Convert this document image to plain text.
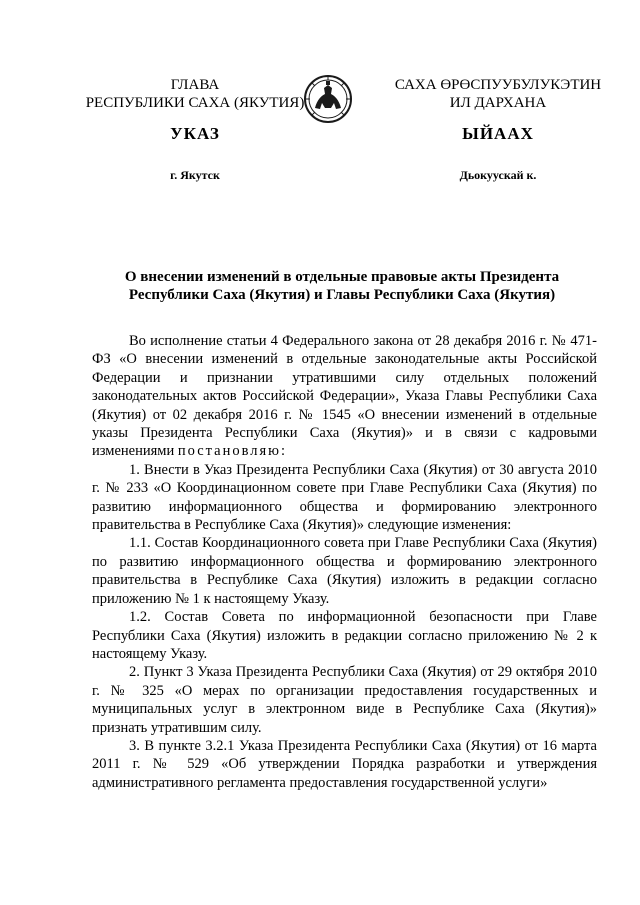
ГЛАВА
РЕСПУБЛИКИ САХА (ЯКУТИЯ)
САХА ӨРӨСПУУБУЛУКЭТИН
ИЛ ДАРХАНА
УКАЗ	ЫЙААХ
г. Якутск	Дьокуускай к.
О внесении изменений в отдельные правовые акты Президента
Республики Саха (Якутия) и Главы Республики Саха (Якутия)

Во исполнение статьи 4 Федерального закона от 28 декабря 2016 г. № 471-ФЗ «О внесении изменений в отдельные законодательные акты Российской Федерации и признании утратившими силу отдельных положений законодательных актов Российской Федерации», Указа Главы Республики Саха (Якутия) от 02 декабря 2016 г. № 1545 «О внесении изменений в отдельные указы Президента Республики Саха (Якутия)» и в связи с кадровыми изменениями постановляю:

1. Внести в Указ Президента Республики Саха (Якутия) от 30 августа 2010 г. № 233 «О Координационном совете при Главе Республики Саха (Якутия) по развитию информационного общества и формированию электронного правительства в Республике Саха (Якутия)» следующие изменения:

1.1. Состав Координационного совета при Главе Республики Саха (Якутия) по развитию информационного общества и формированию электронного правительства в Республике Саха (Якутия) изложить в редакции согласно приложению № 1 к настоящему Указу.

1.2. Состав Совета по информационной безопасности при Главе Республики Саха (Якутия) изложить в редакции согласно приложению № 2 к настоящему Указу.

2. Пункт 3 Указа Президента Республики Саха (Якутия) от 29 октября 2010 г. № 325 «О мерах по организации предоставления государственных и муниципальных услуг в электронном виде в Республике Саха (Якутия)» признать утратившим силу.

3. В пункте 3.2.1 Указа Президента Республики Саха (Якутия) от 16 марта 2011 г. № 529 «Об утверждении Порядка разработки и утверждения административного регламента предоставления государственной услуги»
